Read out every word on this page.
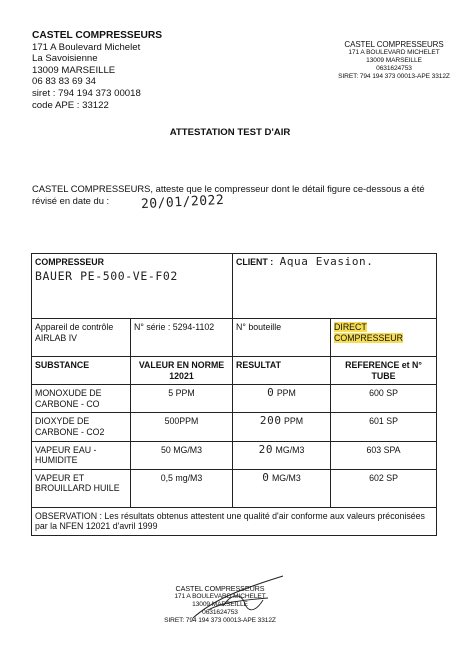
CASTEL COMPRESSEURS
171 A Boulevard Michelet
La Savoisienne
13009 MARSEILLE
06 83 83 69 34
siret : 794 194 373 00018
code APE : 33122
CASTEL COMPRESSEURS
171 A BOULEVARD MICHELET
13009 MARSEILLE
0631624753
SIRET: 794 194 373 00013-APE 3312Z
ATTESTATION TEST D'AIR
CASTEL COMPRESSEURS, atteste que le compresseur dont le détail figure ce-dessous a été révisé en date du :	20/01/2022
COMPRESSEUR
BAUER PE-500-VE-F02		CLIENT : Aqua Evasion.	
Appareil de contrôle AIRLAB IV	N° série : 5294-1102	N° bouteille	DIRECT COMPRESSEUR
SUBSTANCE	VALEUR EN NORME 12021	RESULTAT	REFERENCE et N° TUBE
MONOXUDE DE CARBONE - CO	5 PPM	0 PPM	600 SP
DIOXYDE DE CARBONE - CO2	500PPM	200 PPM	601 SP
VAPEUR EAU - HUMIDITE	50 MG/M3	20 MG/M3	603 SPA
VAPEUR ET BROUILLARD HUILE	0,5 mg/M3	0 MG/M3	602 SP
OBSERVATION : Les résultats obtenus attestent une qualité d'air conforme aux valeurs préconisées par la NFEN 12021 d'avril 1999			
CASTEL COMPRESSEURS
171 A BOULEVARD MICHELET
13009 MARSEILLE
0631624753
SIRET: 794 194 373 00013-APE 3312Z
